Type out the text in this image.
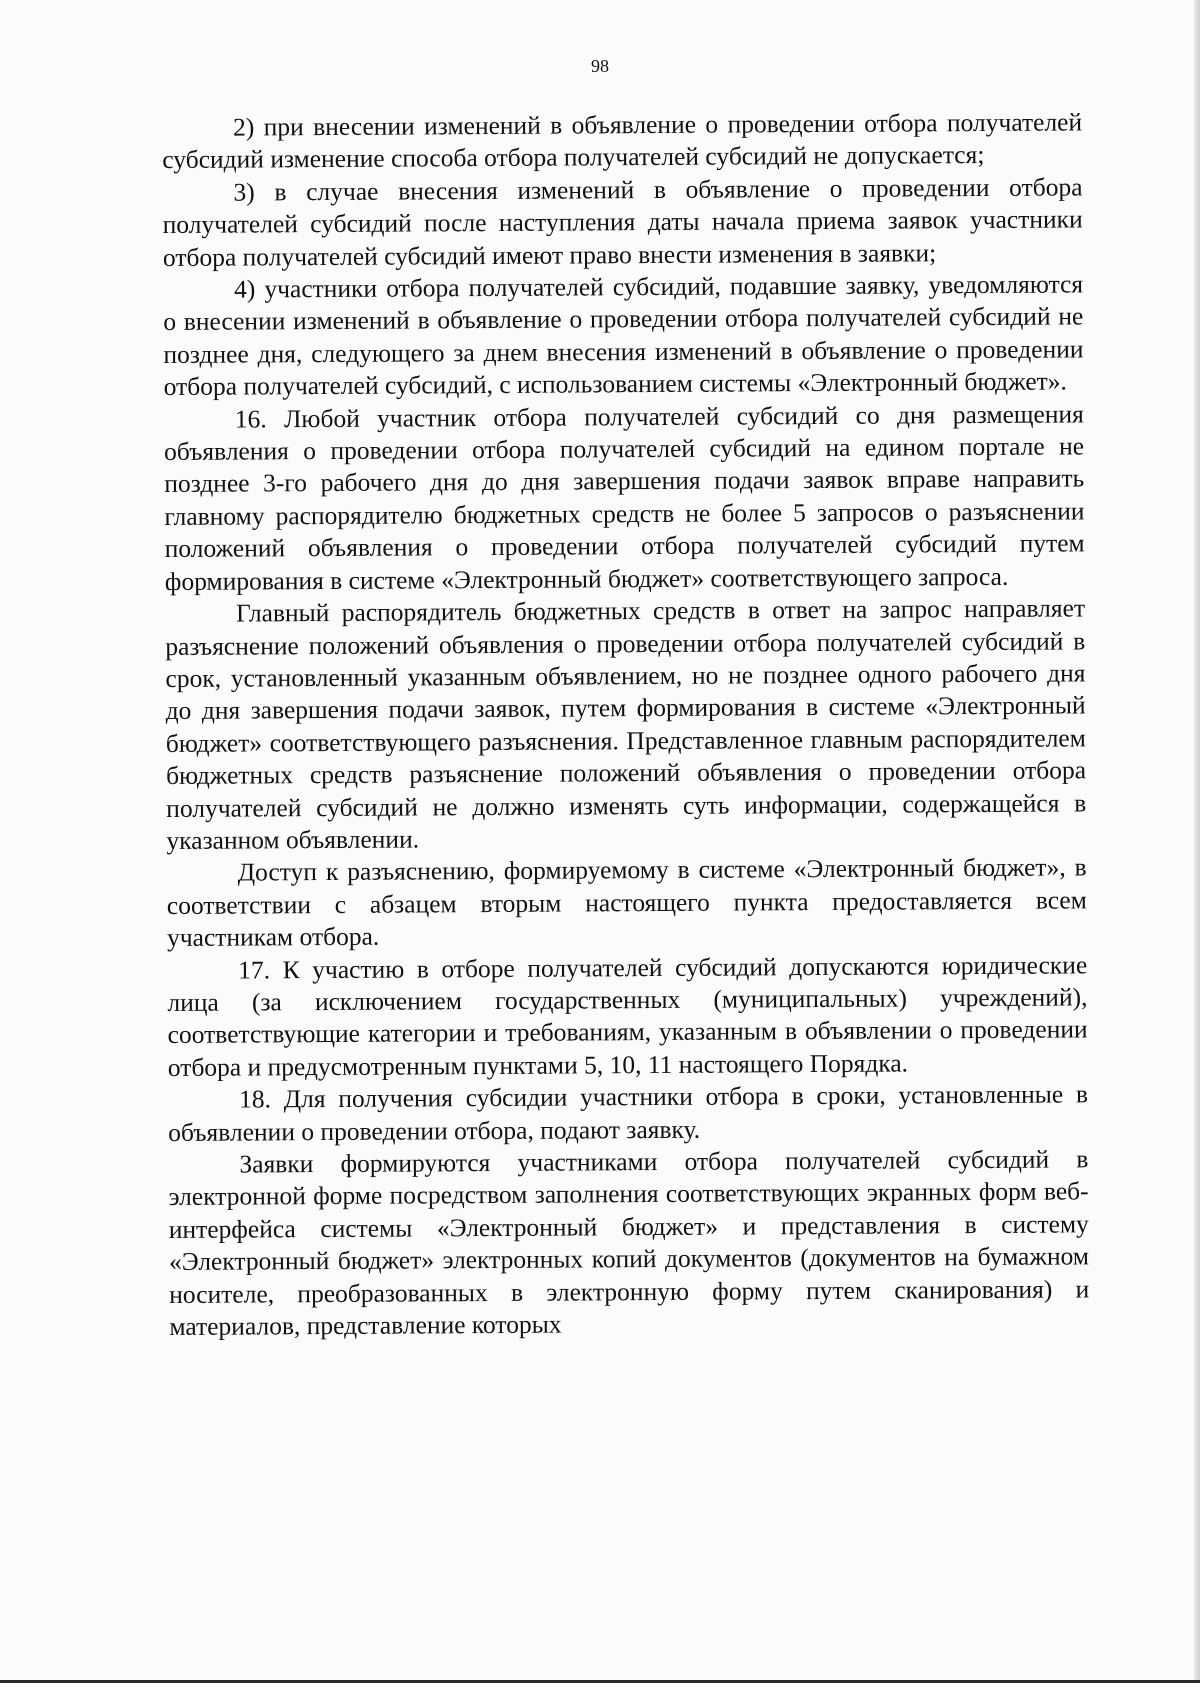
98

2) при внесении изменений в объявление о проведении отбора получателей субсидий изменение способа отбора получателей субсидий не допускается;

3) в случае внесения изменений в объявление о проведении отбора получателей субсидий после наступления даты начала приема заявок участники отбора получателей субсидий имеют право внести изменения в заявки;

4) участники отбора получателей субсидий, подавшие заявку, уведомляются о внесении изменений в объявление о проведении отбора получателей субсидий не позднее дня, следующего за днем внесения изменений в объявление о проведении отбора получателей субсидий, с использованием системы «Электронный бюджет».

16. Любой участник отбора получателей субсидий со дня размещения объявления о проведении отбора получателей субсидий на едином портале не позднее 3-го рабочего дня до дня завершения подачи заявок вправе направить главному распорядителю бюджетных средств не более 5 запросов о разъяснении положений объявления о проведении отбора получателей субсидий путем формирования в системе «Электронный бюджет» соответствующего запроса.

Главный распорядитель бюджетных средств в ответ на запрос направляет разъяснение положений объявления о проведении отбора получателей субсидий в срок, установленный указанным объявлением, но не позднее одного рабочего дня до дня завершения подачи заявок, путем формирования в системе «Электронный бюджет» соответствующего разъяснения. Представленное главным распорядителем бюджетных средств разъяснение положений объявления о проведении отбора получателей субсидий не должно изменять суть информации, содержащейся в указанном объявлении.

Доступ к разъяснению, формируемому в системе «Электронный бюджет», в соответствии с абзацем вторым настоящего пункта предоставляется всем участникам отбора.

17. К участию в отборе получателей субсидий допускаются юридические лица (за исключением государственных (муниципальных) учреждений), соответствующие категории и требованиям, указанным в объявлении о проведении отбора и предусмотренным пунктами 5, 10, 11 настоящего Порядка.

18. Для получения субсидии участники отбора в сроки, установленные в объявлении о проведении отбора, подают заявку.

Заявки формируются участниками отбора получателей субсидий в электронной форме посредством заполнения соответствующих экранных форм веб-интерфейса системы «Электронный бюджет» и представления в систему «Электронный бюджет» электронных копий документов (документов на бумажном носителе, преобразованных в электронную форму путем сканирования) и материалов, представление которых
